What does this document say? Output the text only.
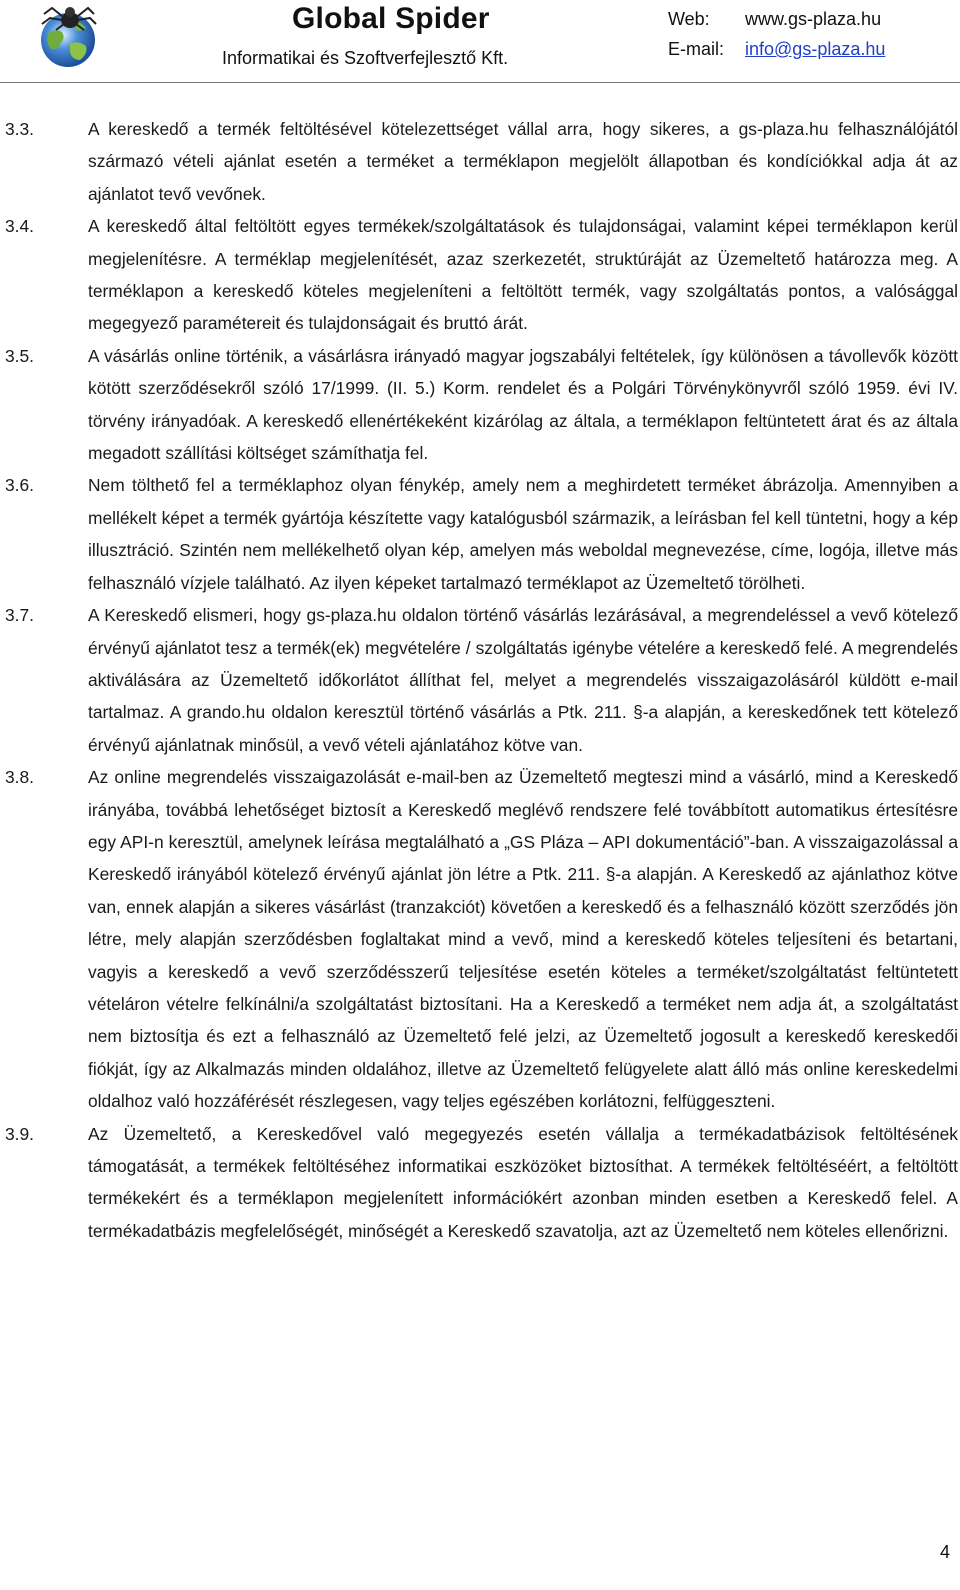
Global Spider
Informatikai és Szoftverfejlesztő Kft.
Web: www.gs-plaza.hu
E-mail: info@gs-plaza.hu
3.3.	A kereskedő a termék feltöltésével kötelezettséget vállal arra, hogy sikeres, a gs-plaza.hu felhasználójától származó vételi ajánlat esetén a terméket a terméklapon megjelölt állapotban és kondíciókkal adja át az ajánlatot tevő vevőnek.
3.4.	A kereskedő által feltöltött egyes termékek/szolgáltatások és tulajdonságai, valamint képei terméklapon kerül megjelenítésre. A terméklap megjelenítését, azaz szerkezetét, struktúráját az Üzemeltető határozza meg. A terméklapon a kereskedő köteles megjeleníteni a feltöltött termék, vagy szolgáltatás pontos, a valósággal megegyező paramétereit és tulajdonságait és bruttó árát.
3.5.	A vásárlás online történik, a vásárlásra irányadó magyar jogszabályi feltételek, így különösen a távollevők között kötött szerződésekről szóló 17/1999. (II. 5.) Korm. rendelet és a Polgári Törvénykönyvről szóló 1959. évi IV. törvény irányadóak. A kereskedő ellenértékeként kizárólag az általa, a terméklapon feltüntetett árat és az általa megadott szállítási költséget számíthatja fel.
3.6.	Nem tölthető fel a terméklaphoz olyan fénykép, amely nem a meghirdetett terméket ábrázolja. Amennyiben a mellékelt képet a termék gyártója készítette vagy katalógusból származik, a leírásban fel kell tüntetni, hogy a kép illusztráció. Szintén nem mellékelhető olyan kép, amelyen más weboldal megnevezése, címe, logója, illetve más felhasználó vízjele található. Az ilyen képeket tartalmazó terméklapot az Üzemeltető törölheti.
3.7.	A Kereskedő elismeri, hogy gs-plaza.hu oldalon történő vásárlás lezárásával, a megrendeléssel a vevő kötelező érvényű ajánlatot tesz a termék(ek) megvételére / szolgáltatás igénybe vételére a kereskedő felé. A megrendelés aktiválására az Üzemeltető időkorlátot állíthat fel, melyet a megrendelés visszaigazolásáról küldött e-mail tartalmaz. A grando.hu oldalon keresztül történő vásárlás a Ptk. 211. §-a alapján, a kereskedőnek tett kötelező érvényű ajánlatnak minősül, a vevő vételi ajánlatához kötve van.
3.8.	Az online megrendelés visszaigazolását e-mail-ben az Üzemeltető megteszi mind a vásárló, mind a Kereskedő irányába, továbbá lehetőséget biztosít a Kereskedő meglévő rendszere felé továbbított automatikus értesítésre egy API-n keresztül, amelynek leírása megtalálható a „GS Pláza – API dokumentáció”-ban. A visszaigazolással a Kereskedő irányából kötelező érvényű ajánlat jön létre a Ptk. 211. §-a alapján. A Kereskedő az ajánlathoz kötve van, ennek alapján a sikeres vásárlást (tranzakciót) követően a kereskedő és a felhasználó között szerződés jön létre, mely alapján szerződésben foglaltakat mind a vevő, mind a kereskedő köteles teljesíteni és betartani, vagyis a kereskedő a vevő szerződésszerű teljesítése esetén köteles a terméket/szolgáltatást feltüntetett vételáron vételre felkínálni/a szolgáltatást biztosítani. Ha a Kereskedő a terméket nem adja át, a szolgáltatást nem biztosítja és ezt a felhasználó az Üzemeltető felé jelzi, az Üzemeltető jogosult a kereskedő kereskedői fiókját, így az Alkalmazás minden oldalához, illetve az Üzemeltető felügyelete alatt álló más online kereskedelmi oldalhoz való hozzáférését részlegesen, vagy teljes egészében korlátozni, felfüggeszteni.
3.9.	Az Üzemeltető, a Kereskedővel való megegyezés esetén vállalja a termékadatbázisok feltöltésének támogatását, a termékek feltöltéséhez informatikai eszközöket biztosíthat. A termékek feltöltéséért, a feltöltött termékekért és a terméklapon megjelenített információkért azonban minden esetben a Kereskedő felel. A termékadatbázis megfelelőségét, minőségét a Kereskedő szavatolja, azt az Üzemeltető nem köteles ellenőrizni.
4
